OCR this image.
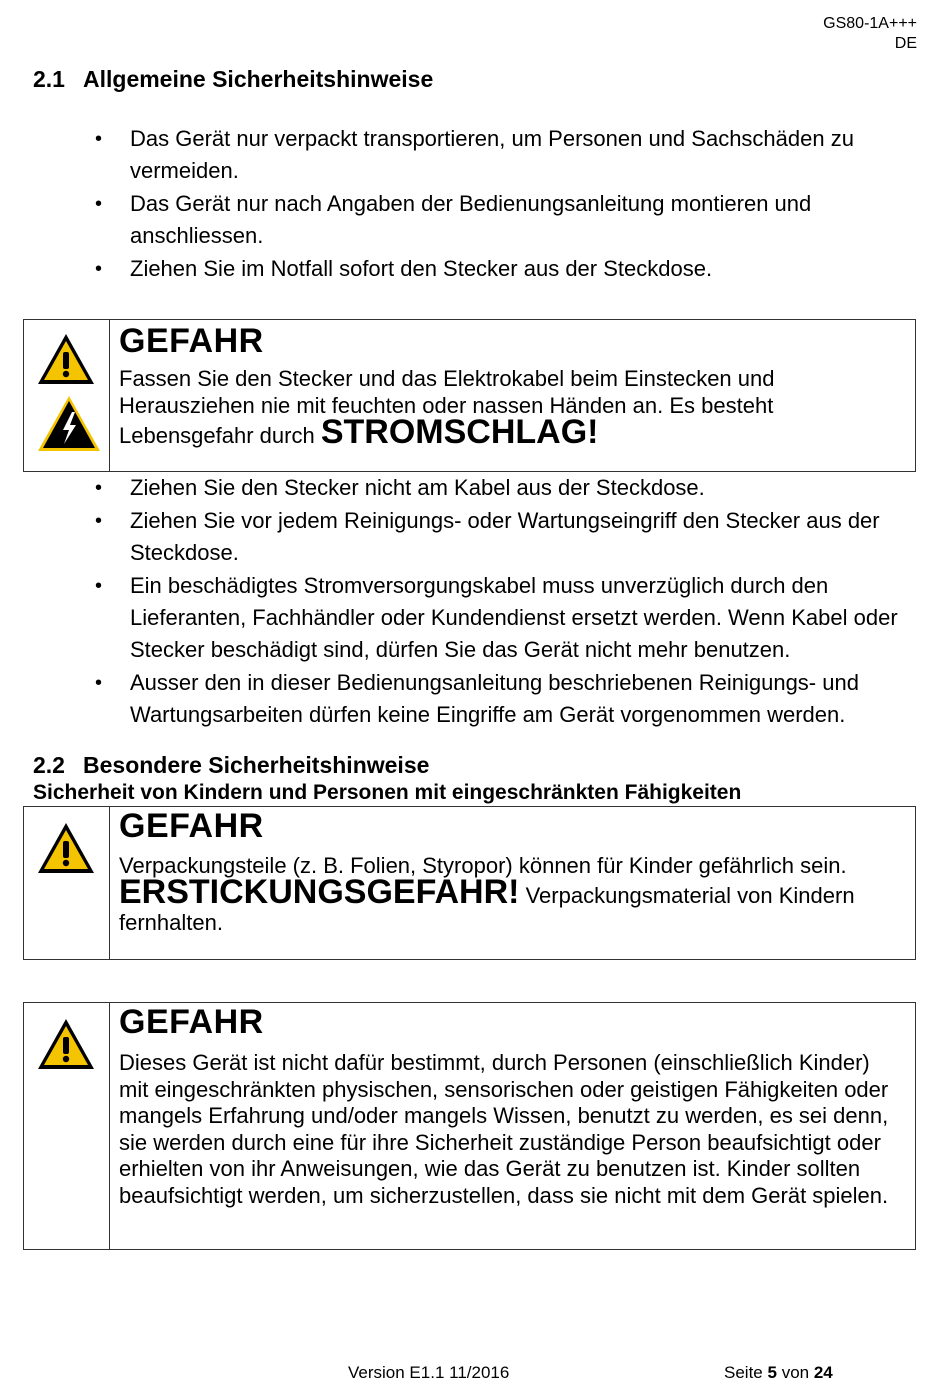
GS80-1A+++
DE
2.1 Allgemeine Sicherheitshinweise
• Das Gerät nur verpackt transportieren, um Personen und Sachschäden zu vermeiden.
• Das Gerät nur nach Angaben der Bedienungsanleitung montieren und anschliessen.
• Ziehen Sie im Notfall sofort den Stecker aus der Steckdose.
GEFAHR
Fassen Sie den Stecker und das Elektrokabel beim Einstecken und Herausziehen nie mit feuchten oder nassen Händen an. Es besteht Lebensgefahr durch STROMSCHLAG!
• Ziehen Sie den Stecker nicht am Kabel aus der Steckdose.
• Ziehen Sie vor jedem Reinigungs- oder Wartungseingriff den Stecker aus der Steckdose.
• Ein beschädigtes Stromversorgungskabel muss unverzüglich durch den Lieferanten, Fachhändler oder Kundendienst ersetzt werden. Wenn Kabel oder Stecker beschädigt sind, dürfen Sie das Gerät nicht mehr benutzen.
• Ausser den in dieser Bedienungsanleitung beschriebenen Reinigungs- und Wartungsarbeiten dürfen keine Eingriffe am Gerät vorgenommen werden.
2.2 Besondere Sicherheitshinweise
Sicherheit von Kindern und Personen mit eingeschränkten Fähigkeiten
GEFAHR
Verpackungsteile (z. B. Folien, Styropor) können für Kinder gefährlich sein.
ERSTICKUNGSGEFAHR! Verpackungsmaterial von Kindern fernhalten.
GEFAHR
Dieses Gerät ist nicht dafür bestimmt, durch Personen (einschließlich Kinder) mit eingeschränkten physischen, sensorischen oder geistigen Fähigkeiten oder mangels Erfahrung und/oder mangels Wissen, benutzt zu werden, es sei denn, sie werden durch eine für ihre Sicherheit zuständige Person beaufsichtigt oder erhielten von ihr Anweisungen, wie das Gerät zu benutzen ist. Kinder sollten beaufsichtigt werden, um sicherzustellen, dass sie nicht mit dem Gerät spielen.
Version E1.1 11/2016	Seite 5 von 24
